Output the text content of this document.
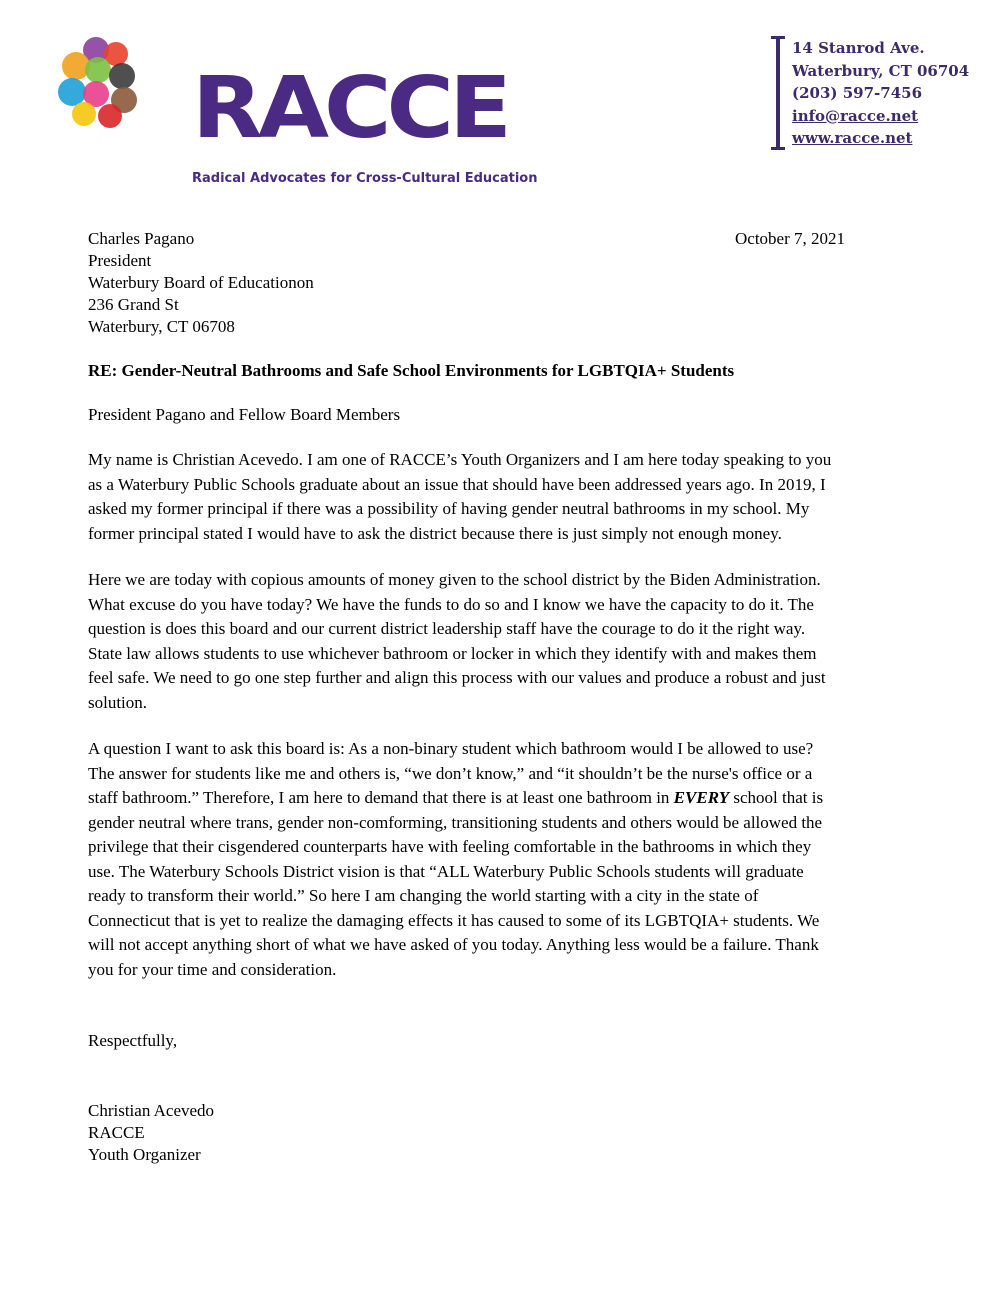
RACCE
Radical Advocates for Cross-Cultural Education
14 Stanrod Ave.
Waterbury, CT 06704
(203) 597-7456
info@racce.net
www.racce.net
October 7, 2021
Charles Pagano
President
Waterbury Board of Educationon
236 Grand St
Waterbury, CT 06708
RE: Gender-Neutral Bathrooms and Safe School Environments for LGBTQIA+ Students
President Pagano and Fellow Board Members
My name is Christian Acevedo. I am one of RACCE’s Youth Organizers and I am here today speaking to you
as a Waterbury Public Schools graduate about an issue that should have been addressed years ago. In 2019, I
asked my former principal if there was a possibility of having gender neutral bathrooms in my school. My
former principal stated I would have to ask the district because there is just simply not enough money.
Here we are today with copious amounts of money given to the school district by the Biden Administration.
What excuse do you have today? We have the funds to do so and I know we have the capacity to do it. The
question is does this board and our current district leadership staff have the courage to do it the right way.
State law allows students to use whichever bathroom or locker in which they identify with and makes them
feel safe. We need to go one step further and align this process with our values and produce a robust and just
solution.
A question I want to ask this board is: As a non-binary student which bathroom would I be allowed to use?
The answer for students like me and others is, “we don’t know,” and “it shouldn’t be the nurse's office or a
staff bathroom.” Therefore, I am here to demand that there is at least one bathroom in EVERY school that is
gender neutral where trans, gender non-comforming, transitioning students and others would be allowed the
privilege that their cisgendered counterparts have with feeling comfortable in the bathrooms in which they
use. The Waterbury Schools District vision is that “ALL Waterbury Public Schools students will graduate
ready to transform their world.” So here I am changing the world starting with a city in the state of
Connecticut that is yet to realize the damaging effects it has caused to some of its LGBTQIA+ students. We
will not accept anything short of what we have asked of you today. Anything less would be a failure. Thank
you for your time and consideration.
Respectfully,
Christian Acevedo
RACCE
Youth Organizer
